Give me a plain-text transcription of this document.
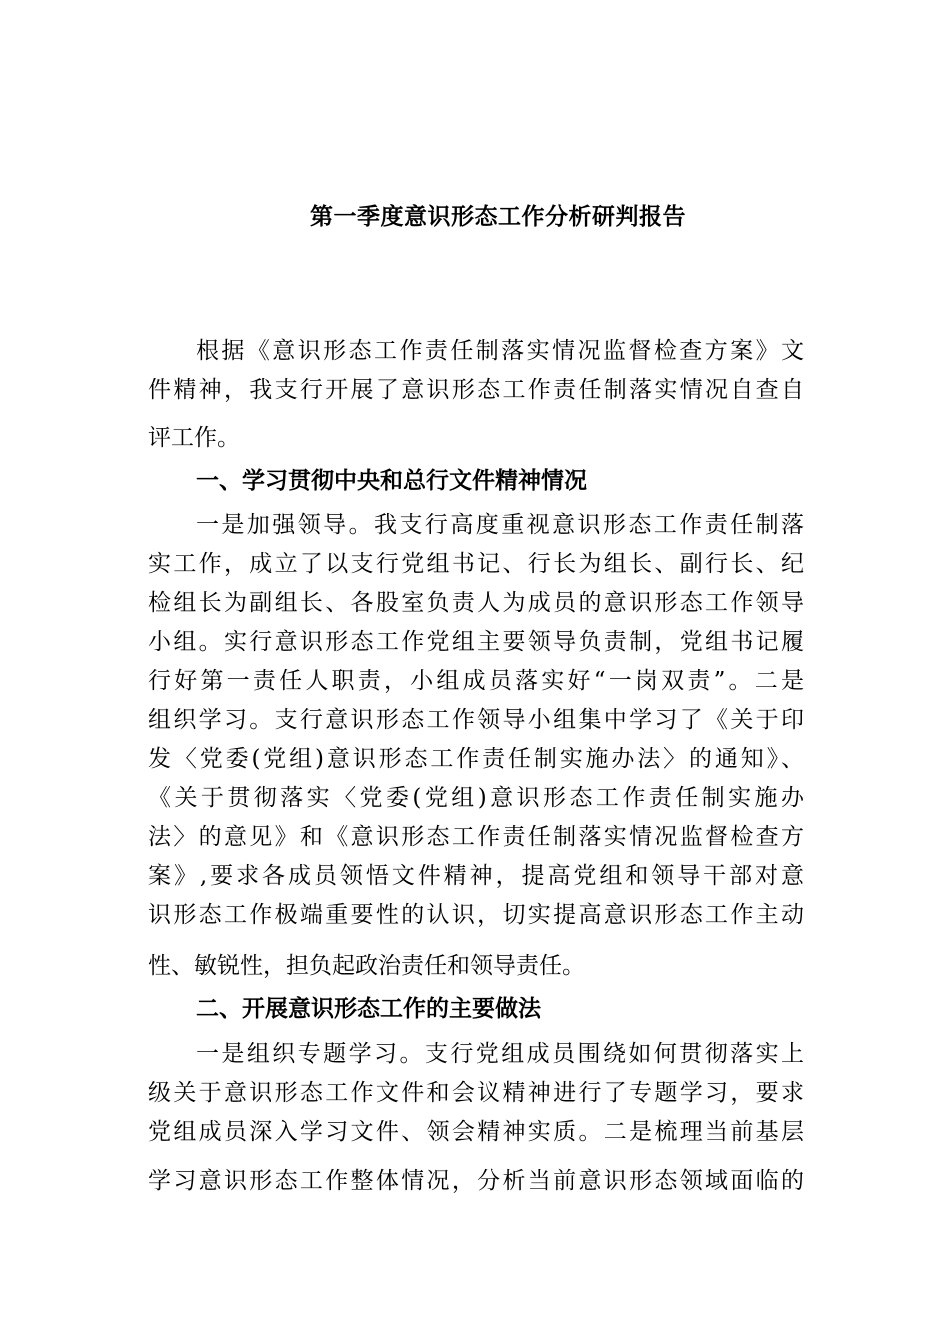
第一季度意识形态工作分析研判报告
根据《意识形态工作责任制落实情况监督检查方案》文
件精神，我支行开展了意识形态工作责任制落实情况自查自
评工作。
一、学习贯彻中央和总行文件精神情况
一是加强领导。我支行高度重视意识形态工作责任制落
实工作，成立了以支行党组书记、行长为组长、副行长、纪
检组长为副组长、各股室负责人为成员的意识形态工作领导
小组。实行意识形态工作党组主要领导负责制，党组书记履
行好第一责任人职责，小组成员落实好“一岗双责”。二是
组织学习。支行意识形态工作领导小组集中学习了《关于印
发〈党委(党组)意识形态工作责任制实施办法〉的通知》、
《关于贯彻落实〈党委(党组)意识形态工作责任制实施办
法〉的意见》和《意识形态工作责任制落实情况监督检查方
案》,要求各成员领悟文件精神，提高党组和领导干部对意
识形态工作极端重要性的认识，切实提高意识形态工作主动
性、敏锐性，担负起政治责任和领导责任。
二、开展意识形态工作的主要做法
一是组织专题学习。支行党组成员围绕如何贯彻落实上
级关于意识形态工作文件和会议精神进行了专题学习，要求
党组成员深入学习文件、领会精神实质。二是梳理当前基层
学习意识形态工作整体情况，分析当前意识形态领域面临的
